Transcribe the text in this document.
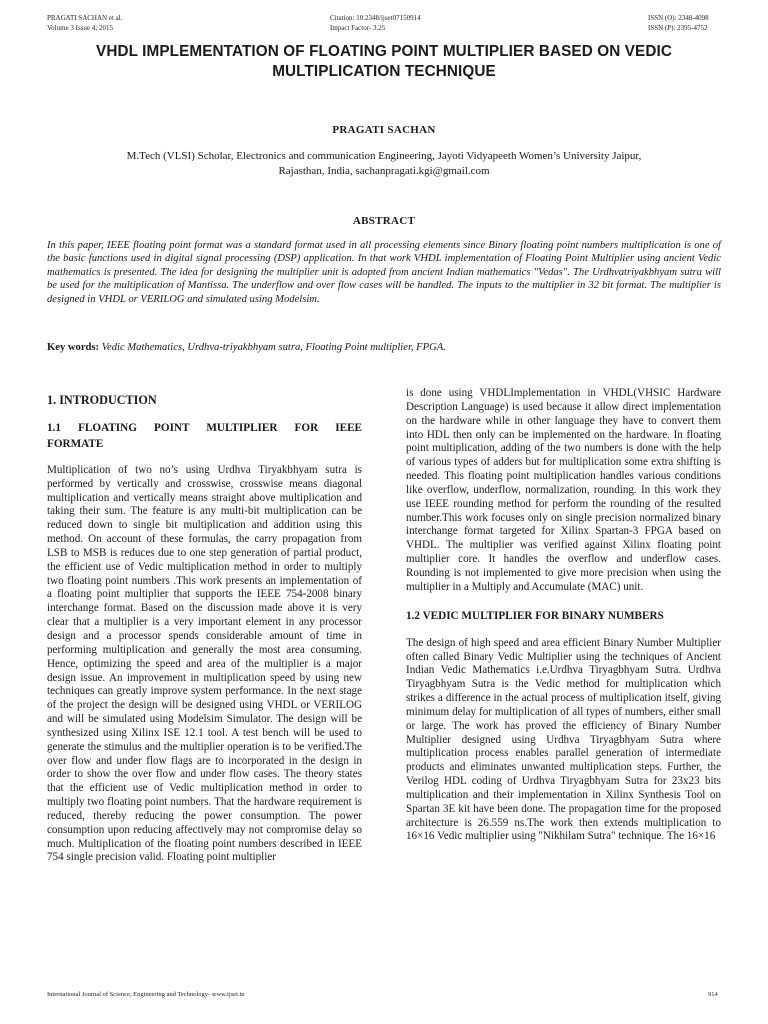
PRAGATI SACHAN et al.
Volume 3 Issue 4; 2015
Citation: 10.2348/ijset07150914
Impact Factor- 3.25
ISSN (O): 2348-4098
ISSN (P): 2395-4752
VHDL IMPLEMENTATION OF FLOATING POINT MULTIPLIER BASED ON VEDIC MULTIPLICATION TECHNIQUE
PRAGATI SACHAN
M.Tech (VLSI) Scholar, Electronics and communication Engineering, Jayoti Vidyapeeth Women’s University Jaipur,
Rajasthan, India, sachanpragati.kgi@gmail.com
ABSTRACT
In this paper, IEEE floating point format was a standard format used in all processing elements since Binary floating point numbers multiplication is one of the basic functions used in digital signal processing (DSP) application. In that work VHDL implementation of Floating Point Multiplier using ancient Vedic mathematics is presented. The idea for designing the multiplier unit is adopted from ancient Indian mathematics "Vedas". The Urdhvatriyakbhyam sutra will be used for the multiplication of Mantissa. The underflow and over flow cases will be handled. The inputs to the multiplier in 32 bit format. The multiplier is designed in VHDL or VERILOG and simulated using Modelsim.
Key words: Vedic Mathematics, Urdhva-triyakbhyam sutra, Floating Point multiplier, FPGA.
1. INTRODUCTION
1.1 FLOATING POINT MULTIPLIER FOR IEEE FORMATE

Multiplication of two no’s using Urdhva Tiryakbhyam sutra is performed by vertically and crosswise, crosswise means diagonal multiplication and vertically means straight above multiplication and taking their sum. The feature is any multi-bit multiplication can be reduced down to single bit multiplication and addition using this method. On account of these formulas, the carry propagation from LSB to MSB is reduces due to one step generation of partial product, the efficient use of Vedic multiplication method in order to multiply two floating point numbers .This work presents an implementation of a floating point multiplier that supports the IEEE 754-2008 binary interchange format. Based on the discussion made above it is very clear that a multiplier is a very important element in any processor design and a processor spends considerable amount of time in performing multiplication and generally the most area consuming. Hence, optimizing the speed and area of the multiplier is a major design issue. An improvement in multiplication speed by using new techniques can greatly improve system performance. In the next stage of the project the design will be designed using VHDL or VERILOG and will be simulated using Modelsim Simulator. The design will be synthesized using Xilinx ISE 12.1 tool. A test bench will be used to generate the stimulus and the multiplier operation is to be verified.The over flow and under flow flags are to incorporated in the design in order to show the over flow and under flow cases. The theory states that the efficient use of Vedic multiplication method in order to multiply two floating point numbers. That the hardware requirement is reduced, thereby reducing the power consumption. The power consumption upon reducing affectively may not compromise delay so much. Multiplication of the floating point numbers described in IEEE 754 single precision valid. Floating point multiplier

is done using VHDLImplementation in VHDL(VHSIC Hardware Description Language) is used because it allow direct implementation on the hardware while in other language they have to convert them into HDL then only can be implemented on the hardware. In floating point multiplication, adding of the two numbers is done with the help of various types of adders but for multiplication some extra shifting is needed. This floating point multiplication handles various conditions like overflow, underflow, normalization, rounding. In this work they use IEEE rounding method for perform the rounding of the resulted number.This work focuses only on single precision normalized binary interchange format targeted for Xilinx Spartan-3 FPGA based on VHDL. The multiplier was verified against Xilinx floating point multiplier core. It handles the overflow and underflow cases. Rounding is not implemented to give more precision when using the multiplier in a Multiply and Accumulate (MAC) unit.

1.2 VEDIC MULTIPLIER FOR BINARY NUMBERS

The design of high speed and area efficient Binary Number Multiplier often called Binary Vedic Multiplier using the techniques of Ancient Indian Vedic Mathematics i.e.Urdhva Tiryagbhyam Sutra. Urdhva Tiryagbhyam Sutra is the Vedic method for multiplication which strikes a difference in the actual process of multiplication itself, giving minimum delay for multiplication of all types of numbers, either small or large. The work has proved the efficiency of Binary Number Multiplier designed using Urdhva Tiryagbhyam Sutra where multiplication process enables parallel generation of intermediate products and eliminates unwanted multiplication steps. Further, the Verilog HDL coding of Urdhva Tiryagbhyam Sutra for 23x23 bits multiplication and their implementation in Xilinx Synthesis Tool on Spartan 3E kit have been done. The propagation time for the proposed architecture is 26.559 ns.The work then extends multiplication to 16×16 Vedic multiplier using "Nikhilam Sutra" technique. The 16×16

International Journal of Science, Engineering and Technology- www.ijset.in	914
